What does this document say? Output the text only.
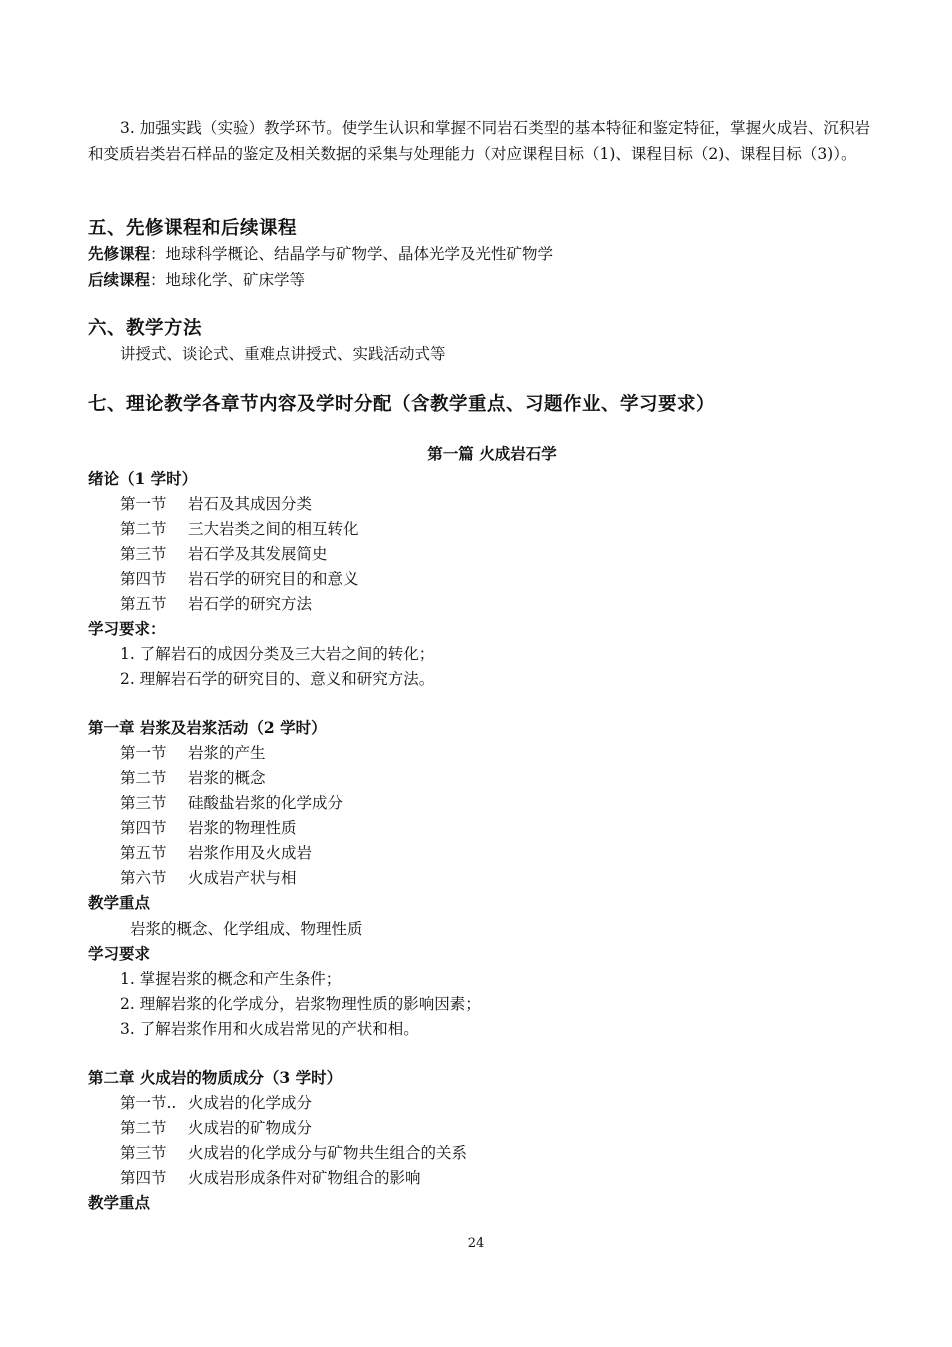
3. 加强实践（实验）教学环节。使学生认识和掌握不同岩石类型的基本特征和鉴定特征，掌握火成岩、沉积岩和变质岩类岩石样品的鉴定及相关数据的采集与处理能力（对应课程目标（1)、课程目标（2)、课程目标（3)）。
五、先修课程和后续课程
先修课程：地球科学概论、结晶学与矿物学、晶体光学及光性矿物学
后续课程：地球化学、矿床学等
六、教学方法
讲授式、谈论式、重难点讲授式、实践活动式等
七、理论教学各章节内容及学时分配（含教学重点、习题作业、学习要求）
第一篇 火成岩石学
绪论（1 学时）
第一节 岩石及其成因分类
第二节 三大岩类之间的相互转化
第三节 岩石学及其发展简史
第四节 岩石学的研究目的和意义
第五节 岩石学的研究方法
学习要求：
1. 了解岩石的成因分类及三大岩之间的转化；
2. 理解岩石学的研究目的、意义和研究方法。
第一章 岩浆及岩浆活动（2 学时）
第一节 岩浆的产生
第二节 岩浆的概念
第三节 硅酸盐岩浆的化学成分
第四节 岩浆的物理性质
第五节 岩浆作用及火成岩
第六节 火成岩产状与相
教学重点
岩浆的概念、化学组成、物理性质
学习要求
1. 掌握岩浆的概念和产生条件；
2. 理解岩浆的化学成分，岩浆物理性质的影响因素；
3. 了解岩浆作用和火成岩常见的产状和相。
第二章 火成岩的物质成分（3 学时）
第一节.. 火成岩的化学成分
第二节 火成岩的矿物成分
第三节 火成岩的化学成分与矿物共生组合的关系
第四节 火成岩形成条件对矿物组合的影响
教学重点
24
